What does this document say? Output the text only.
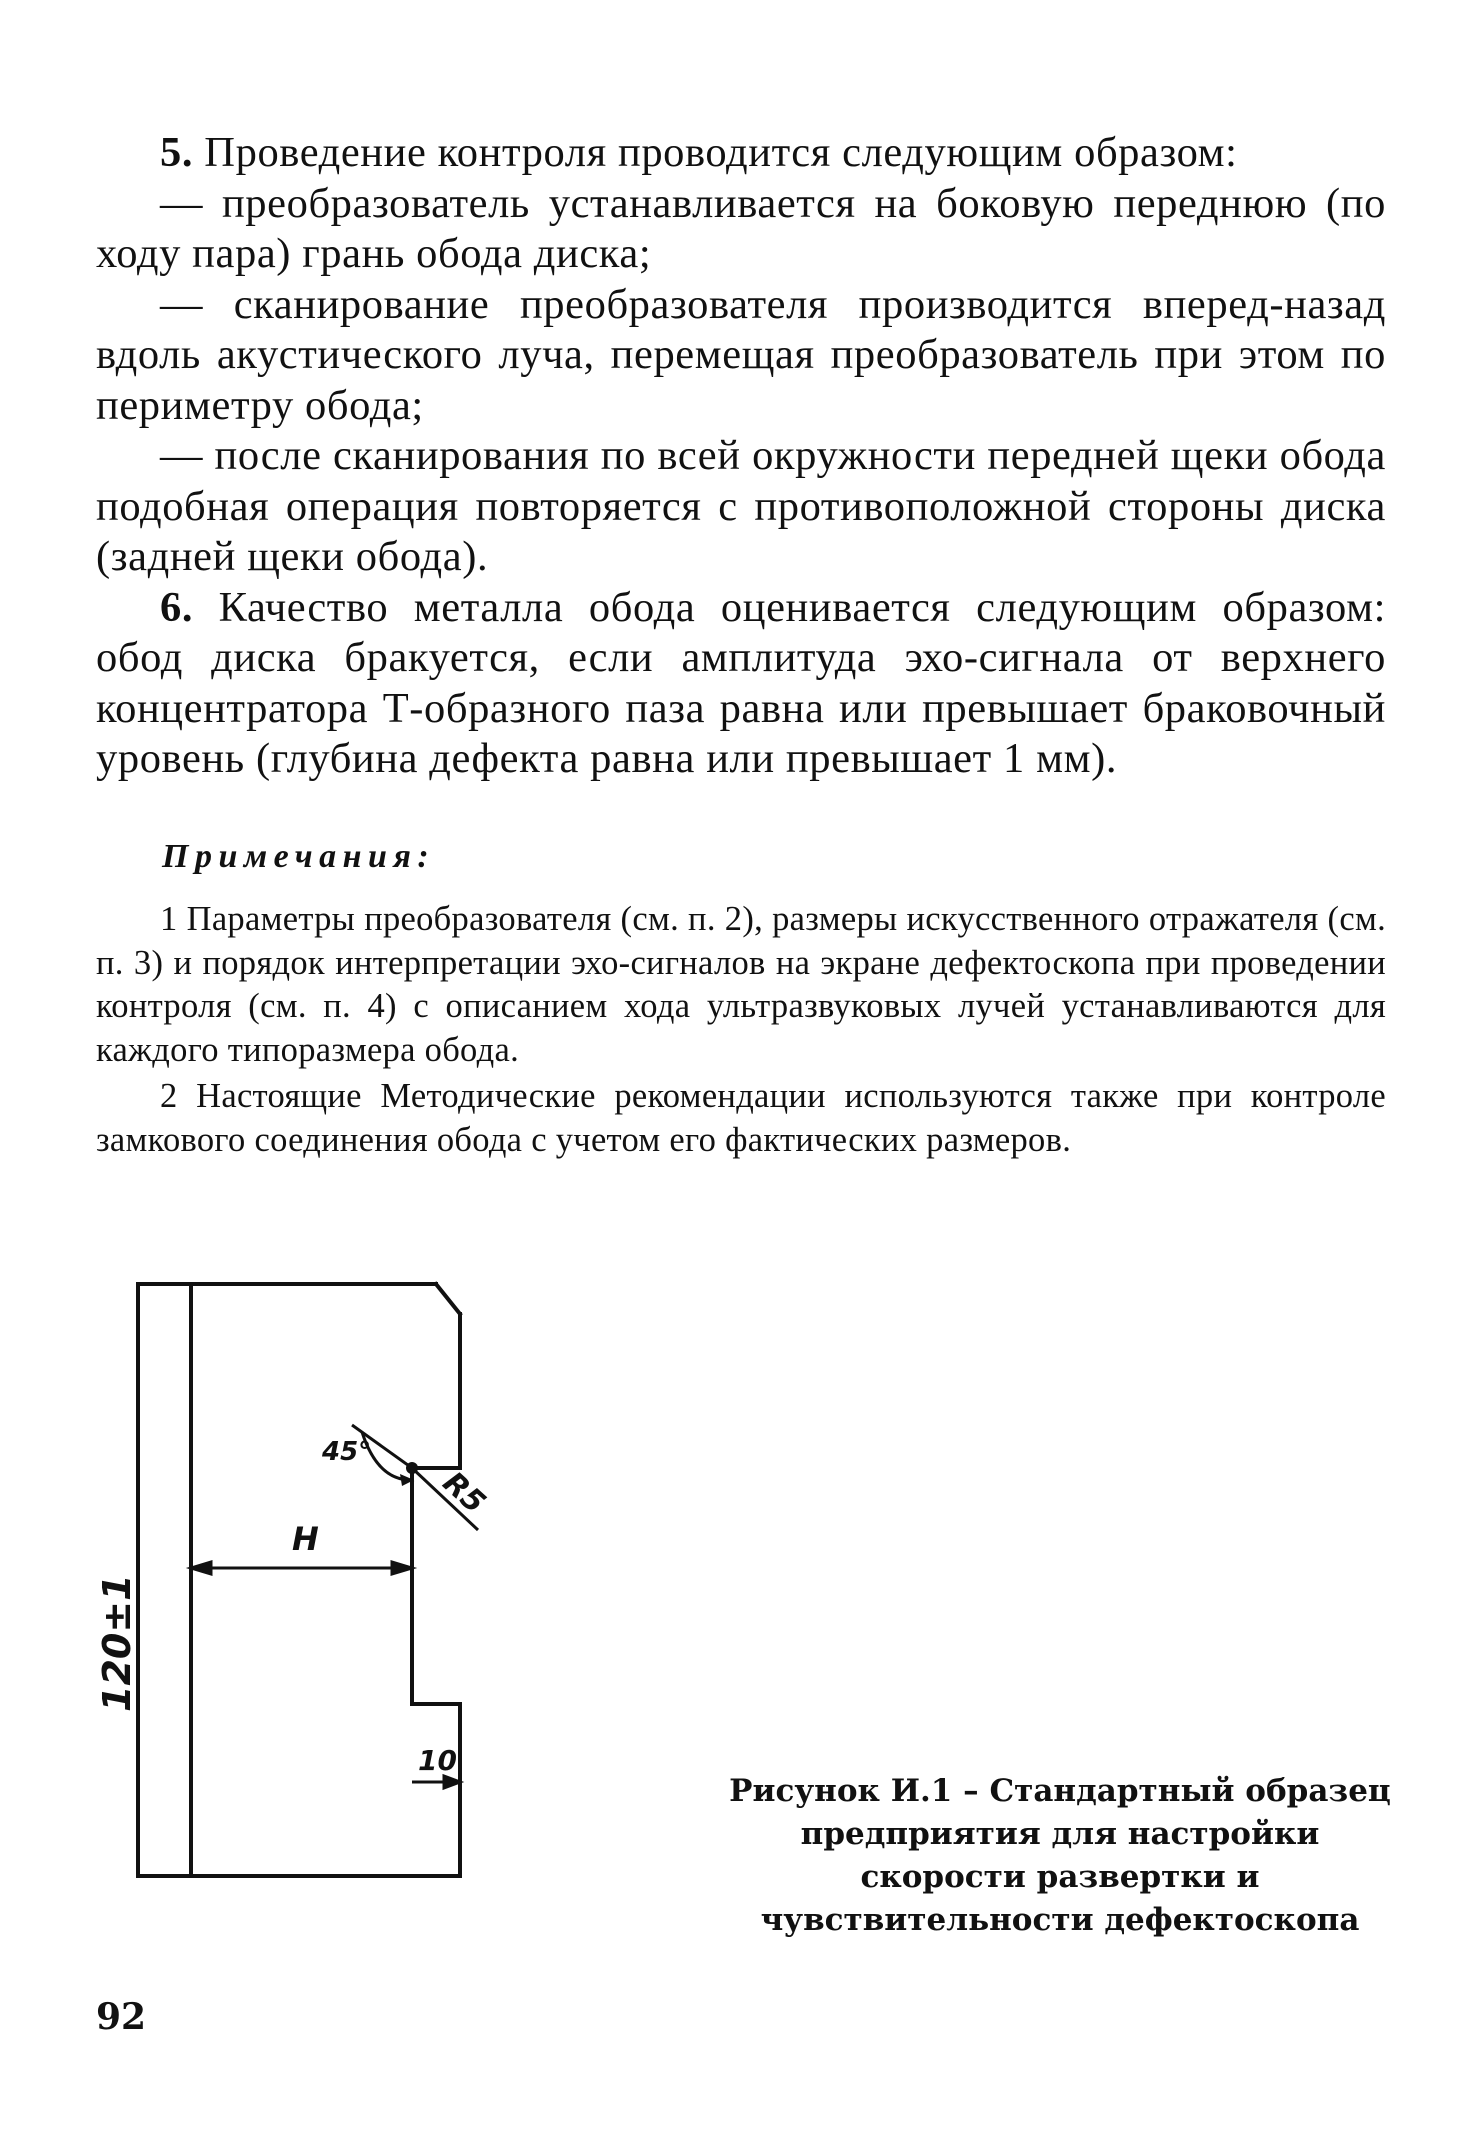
5. Проведение контроля проводится следующим образом:

— преобразователь устанавливается на боковую переднюю (по ходу пара) грань обода диска;

— сканирование преобразователя производится вперед-назад вдоль акустического луча, перемещая преобразователь при этом по периметру обода;

— после сканирования по всей окружности передней щеки обода подобная операция повторяется с противоположной стороны диска (задней щеки обода).

6. Качество металла обода оценивается следующим образом: обод диска бракуется, если амплитуда эхо-сигнала от верхнего концентратора Т-образного паза равна или превышает браковочный уровень (глубина дефекта равна или превышает 1 мм).

Примечания:

1 Параметры преобразователя (см. п. 2), размеры искусственного отражателя (см. п. 3) и порядок интерпретации эхо-сигналов на экране дефектоскопа при проведении контроля (см. п. 4) с описанием хода ультразвуковых лучей устанавливаются для каждого типоразмера обода.

2 Настоящие Методические рекомендации используются также при контроле замкового соединения обода с учетом его фактических размеров.

H
45°
R5
10
120±1
Рисунок И.1 – Стандартный образец предприятия для настройки скорости развертки и чувствительности дефектоскопа
92
